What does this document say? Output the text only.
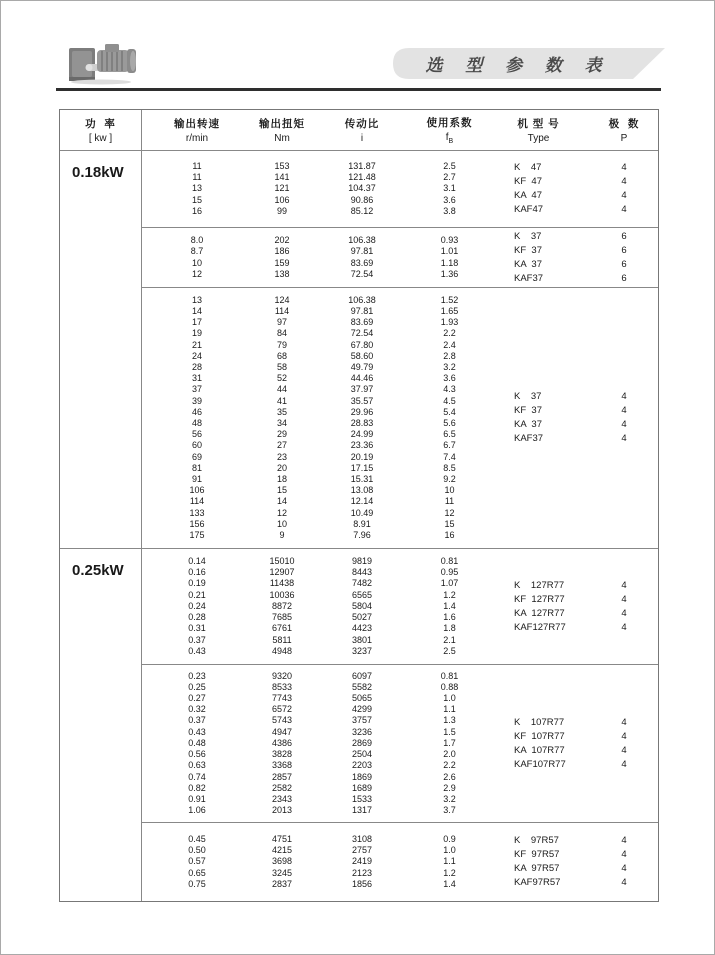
选 型 参 数 表
功  率
[ kw ]
输出转速
r/min
输出扭矩
Nm
传动比
i
使用系数
$f_B$
机 型 号
Type
极  数
P
0.18kW	11
11
13
15
16
153
141
121
106
99
131.87
121.48
104.37
90.86
85.12
2.5
2.7
3.1
3.6
3.8
K    47
KF  47
KA  47
KAF47
4
4
4
4
8.0
8.7
10
12
202
186
159
138
106.38
97.81
83.69
72.54
0.93
1.01
1.18
1.36
K    37
KF  37
KA  37
KAF37
6
6
6
6
13
14
17
19
21
24
28
31
37
39
46
48
56
60
69
81
91
106
114
133
156
175
124
114
97
84
79
68
58
52
44
41
35
34
29
27
23
20
18
15
14
12
10
9
106.38
97.81
83.69
72.54
67.80
58.60
49.79
44.46
37.97
35.57
29.96
28.83
24.99
23.36
20.19
17.15
15.31
13.08
12.14
10.49
8.91
7.96
1.52
1.65
1.93
2.2
2.4
2.8
3.2
3.6
4.3
4.5
5.4
5.6
6.5
6.7
7.4
8.5
9.2
10
11
12
15
16
K    37
KF  37
KA  37
KAF37
4
4
4
4
0.25kW
0.14
0.16
0.19
0.21
0.24
0.28
0.31
0.37
0.43
15010
12907
11438
10036
8872
7685
6761
5811
4948
9819
8443
7482
6565
5804
5027
4423
3801
3237
0.81
0.95
1.07
1.2
1.4
1.6
1.8
2.1
2.5
K    127R77
KF  127R77
KA  127R77
KAF127R77
4
4
4
4
0.23
0.25
0.27
0.32
0.37
0.43
0.48
0.56
0.63
0.74
0.82
0.91
1.06
9320
8533
7743
6572
5743
4947
4386
3828
3368
2857
2582
2343
2013
6097
5582
5065
4299
3757
3236
2869
2504
2203
1869
1689
1533
1317
0.81
0.88
1.0
1.1
1.3
1.5
1.7
2.0
2.2
2.6
2.9
3.2
3.7
K    107R77
KF  107R77
KA  107R77
KAF107R77
4
4
4
4
0.45
0.50
0.57
0.65
0.75
4751
4215
3698
3245
2837
3108
2757
2419
2123
1856
0.9
1.0
1.1
1.2
1.4
K    97R57
KF  97R57
KA  97R57
KAF97R57
4
4
4
4
